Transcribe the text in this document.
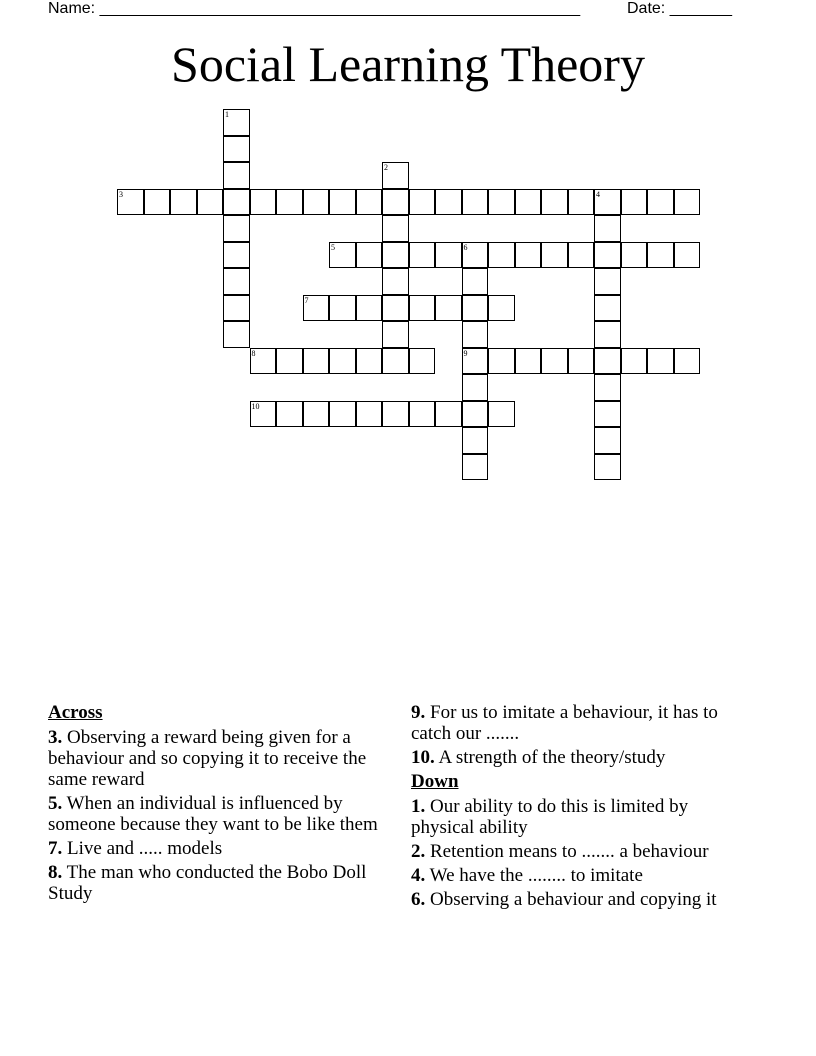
Name: ______________________________________________________	Date: _______
Social Learning Theory
1
2
3	4
5	6
9
7
8
10
Across
3. Observing a reward being given for a behaviour and so copying it to receive the same reward
5. When an individual is influenced by someone because they want to be like them
7. Live and ..... models
8. The man who conducted the Bobo Doll Study
9. For us to imitate a behaviour, it has to catch our .......
10. A strength of the theory/study
Down
1. Our ability to do this is limited by physical ability
2. Retention means to ....... a behaviour
4. We have the ........ to imitate
6. Observing a behaviour and copying it
